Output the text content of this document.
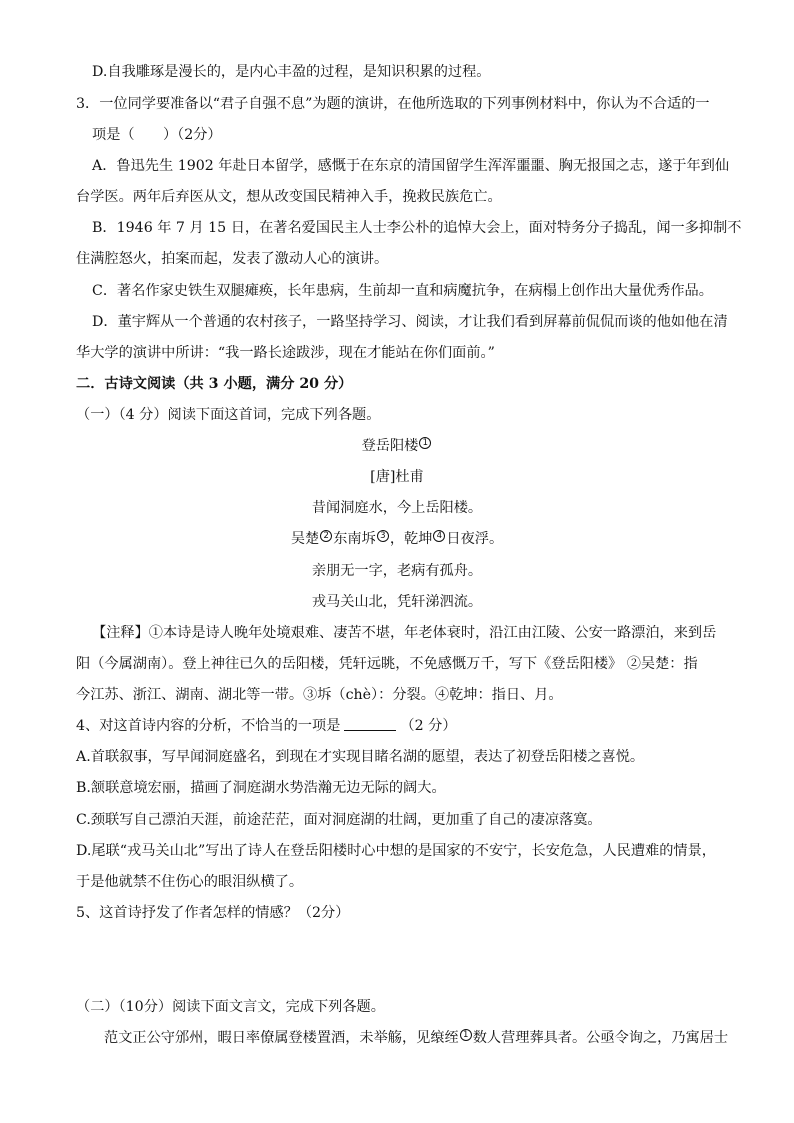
D.自我雕琢是漫长的，是内心丰盈的过程，是知识积累的过程。
3．一位同学要准备以“君子自强不息”为题的演讲，在他所选取的下列事例材料中，你认为不合适的一
项是（　　）（2分）
A．鲁迅先生 1902 年赴日本留学，感慨于在东京的清国留学生浑浑噩噩、胸无报国之志，遂于年到仙
台学医。两年后弃医从文，想从改变国民精神入手，挽救民族危亡。
B．1946 年 7 月 15 日，在著名爱国民主人士李公朴的追悼大会上，面对特务分子捣乱，闻一多抑制不
住满腔怒火，拍案而起，发表了激动人心的演讲。
C．著名作家史铁生双腿瘫痪，长年患病，生前却一直和病魔抗争，在病榻上创作出大量优秀作品。
D．董宇辉从一个普通的农村孩子，一路坚持学习、阅读，才让我们看到屏幕前侃侃而谈的他如他在清
华大学的演讲中所讲：“我一路长途跋涉，现在才能站在你们面前。”
二．古诗文阅读（共 3 小题，满分 20 分）
（一）（4 分）阅读下面这首词，完成下列各题。
登岳阳楼 1
[唐]杜甫
昔闻洞庭水，今上岳阳楼。
吴楚 2 东南坼 3 ，乾坤 4 日夜浮。
亲朋无一字，老病有孤舟。
戎马关山北，凭轩涕泗流。
【注释】①本诗是诗人晚年处境艰难、凄苦不堪，年老体衰时，沿江由江陵、公安一路漂泊，来到岳
阳（今属湖南）。登上神往已久的岳阳楼，凭轩远眺，不免感慨万千，写下《登岳阳楼》 ②吴楚：指
今江苏、浙江、湖南、湖北等一带。③坼（chè）：分裂。④乾坤：指日、月。
4、对这首诗内容的分析，不恰当的一项是	（2 分）
A.首联叙事，写早闻洞庭盛名，到现在才实现目睹名湖的愿望，表达了初登岳阳楼之喜悦。
B.颔联意境宏丽，描画了洞庭湖水势浩瀚无边无际的阔大。
C.颈联写自己漂泊天涯，前途茫茫，面对洞庭湖的壮阔，更加重了自己的凄凉落寞。
D.尾联“戎马关山北”写出了诗人在登岳阳楼时心中想的是国家的不安宁，长安危急，人民遭难的情景，
于是他就禁不住伤心的眼泪纵横了。
5、这首诗抒发了作者怎样的情感？（2分）
（二）（10分）阅读下面文言文，完成下列各题。
范文正公守邠州，暇日率僚属登楼置酒，未举觞，见缞绖 1 数人营理葬具者。公亟令询之，乃寓居士
